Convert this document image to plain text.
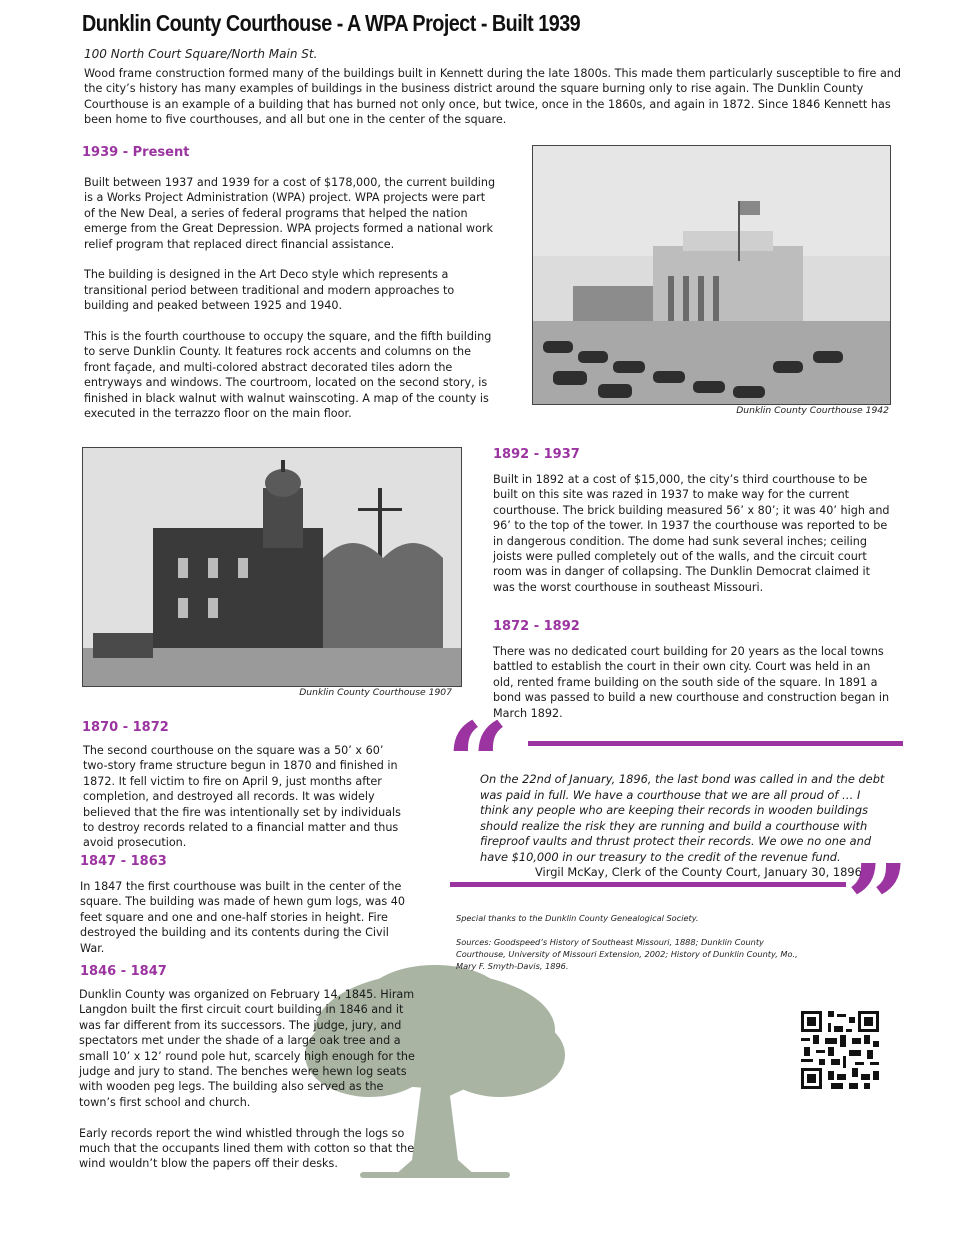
Dunklin County Courthouse - A WPA Project - Built 1939
100 North Court Square/North Main St.
Wood frame construction formed many of the buildings built in Kennett during the late 1800s. This made them particularly susceptible to fire and the city’s history has many examples of buildings in the business district around the square burning only to rise again. The Dunklin County Courthouse is an example of a building that has burned not only once, but twice, once in the 1860s, and again in 1872. Since 1846 Kennett has been home to five courthouses, and all but one in the center of the square.
1939 - Present

Built between 1937 and 1939 for a cost of $178,000, the current building is a Works Project Administration (WPA) project. WPA projects were part of the New Deal, a series of federal programs that helped the nation emerge from the Great Depression. WPA projects formed a national work relief program that replaced direct financial assistance.

The building is designed in the Art Deco style which represents a transitional period between traditional and modern approaches to building and peaked between 1925 and 1940.

This is the fourth courthouse to occupy the square, and the fifth building to serve Dunklin County. It features rock accents and columns on the front façade, and multi-colored abstract decorated tiles adorn the entryways and windows. The courtroom, located on the second story, is finished in black walnut with walnut wainscoting. A map of the county is executed in the terrazzo floor on the main floor.	Dunklin County Courthouse 1942
Dunklin County Courthouse 1907
1892 - 1937

Built in 1892 at a cost of $15,000, the city’s third courthouse to be built on this site was razed in 1937 to make way for the current courthouse. The brick building measured 56’ x 80’; it was 40’ high and 96’ to the top of the tower. In 1937 the courthouse was reported to be in dangerous condition. The dome had sunk several inches; ceiling joists were pulled completely out of the walls, and the circuit court room was in danger of collapsing. The Dunklin Democrat claimed it was the worst courthouse in southeast Missouri.

1872 - 1892

There was no dedicated court building for 20 years as the local towns battled to establish the court in their own city. Court was held in an old, rented frame building on the south side of the square. In 1891 a bond was passed to build a new courthouse and construction began in March 1892.

1870 - 1872

The second courthouse on the square was a 50’ x 60’ two-story frame structure begun in 1870 and finished in 1872. It fell victim to fire on April 9, just months after completion, and destroyed all records. It was widely believed that the fire was intentionally set by individuals to destroy records related to a financial matter and thus avoid prosecution.

1847 - 1863

In 1847 the first courthouse was built in the center of the square. The building was made of hewn gum logs, was 40 feet square and one and one-half stories in height. Fire destroyed the building and its contents during the Civil War.

1846 - 1847

Dunklin County was organized on February 14, 1845. Hiram Langdon built the first circuit court building in 1846 and it was far different from its successors. The judge, jury, and spectators met under the shade of a large oak tree and a small 10’ x 12’ round pole hut, scarcely high enough for the judge and jury to stand. The benches were hewn log seats with wooden peg legs. The building also served as the town’s first school and church.

Early records report the wind whistled through the logs so much that the occupants lined them with cotton so that the wind wouldn’t blow the papers off their desks.

“
On the 22nd of January, 1896, the last bond was called in and the debt was paid in full. We have a courthouse that we are all proud of … I think any people who are keeping their records in wooden buildings should realize the risk they are running and build a courthouse with fireproof vaults and thrust protect their records. We owe no one and have $10,000 in our treasury to the credit of the revenue fund.
Virgil McKay, Clerk of the County Court, January 30, 1896
”
Special thanks to the Dunklin County Genealogical Society.
Sources: Goodspeed’s History of Southeast Missouri, 1888; Dunklin County Courthouse, University of Missouri Extension, 2002; History of Dunklin County, Mo., Mary F. Smyth-Davis, 1896.
